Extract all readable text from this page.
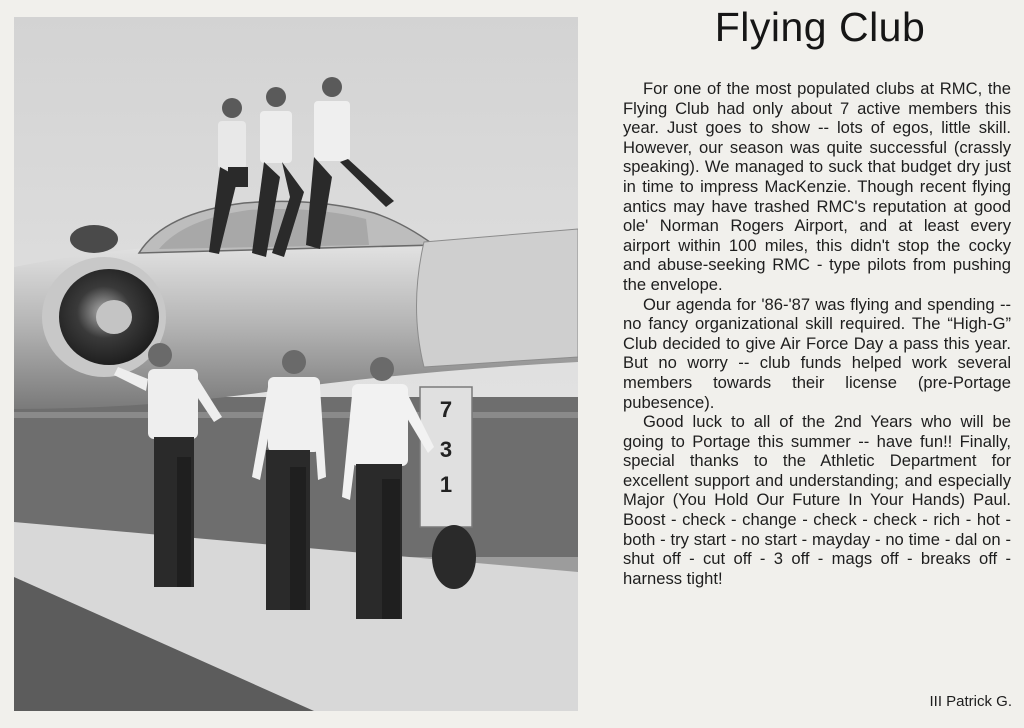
7
3
1
Flying Club

For one of the most populated clubs at RMC, the Flying Club had only about 7 active members this year. Just goes to show -- lots of egos, little skill. However, our season was quite successful (crassly speaking). We managed to suck that budget dry just in time to impress MacKenzie. Though recent flying antics may have trashed RMC's reputation at good ole' Norman Rogers Airport, and at least every airport within 100 miles, this didn't stop the cocky and abuse-seeking RMC - type pilots from pushing the envelope.

Our agenda for '86-'87 was flying and spending -- no fancy organizational skill required. The “High-G” Club decided to give Air Force Day a pass this year. But no worry -- club funds helped work several members towards their license (pre-Portage pubesence).

Good luck to all of the 2nd Years who will be going to Portage this summer -- have fun!! Finally, special thanks to the Athletic Department for excellent support and understanding; and especially Major (You Hold Our Future In Your Hands) Paul. Boost - check - change - check - check - rich - hot - both - try start - no start - mayday - no time - dal on - shut off - cut off - 3 off - mags off - breaks off - harness tight!

III Patrick G.
